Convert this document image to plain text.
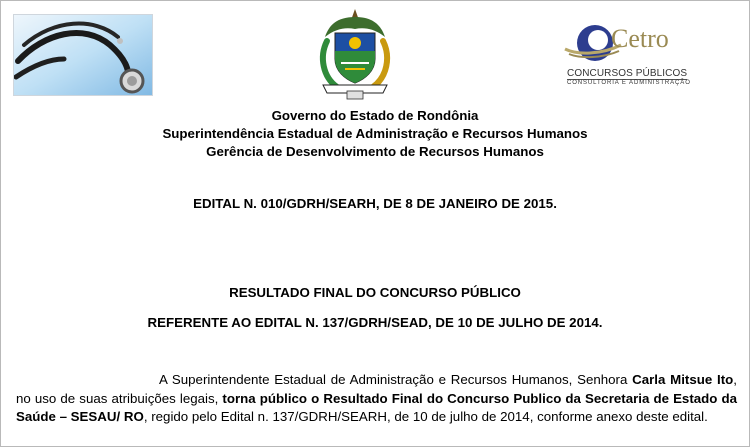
Cetro
CONCURSOS PÚBLICOS
CONSULTORIA E ADMINISTRAÇÃO
Governo do Estado de Rondônia
Superintendência Estadual de Administração e Recursos Humanos
Gerência de Desenvolvimento de Recursos Humanos
EDITAL N. 010/GDRH/SEARH, DE 8 DE JANEIRO DE 2015.
RESULTADO FINAL DO CONCURSO PÚBLICO
REFERENTE AO EDITAL N. 137/GDRH/SEAD, DE 10 DE JULHO DE 2014.
A Superintendente Estadual de Administração e Recursos Humanos, Senhora Carla Mitsue Ito, no uso de suas atribuições legais, torna público o Resultado Final do Concurso Publico da Secretaria de Estado da Saúde – SESAU/ RO, regido pelo Edital n. 137/GDRH/SEARH, de 10 de julho de 2014, conforme anexo deste edital.
